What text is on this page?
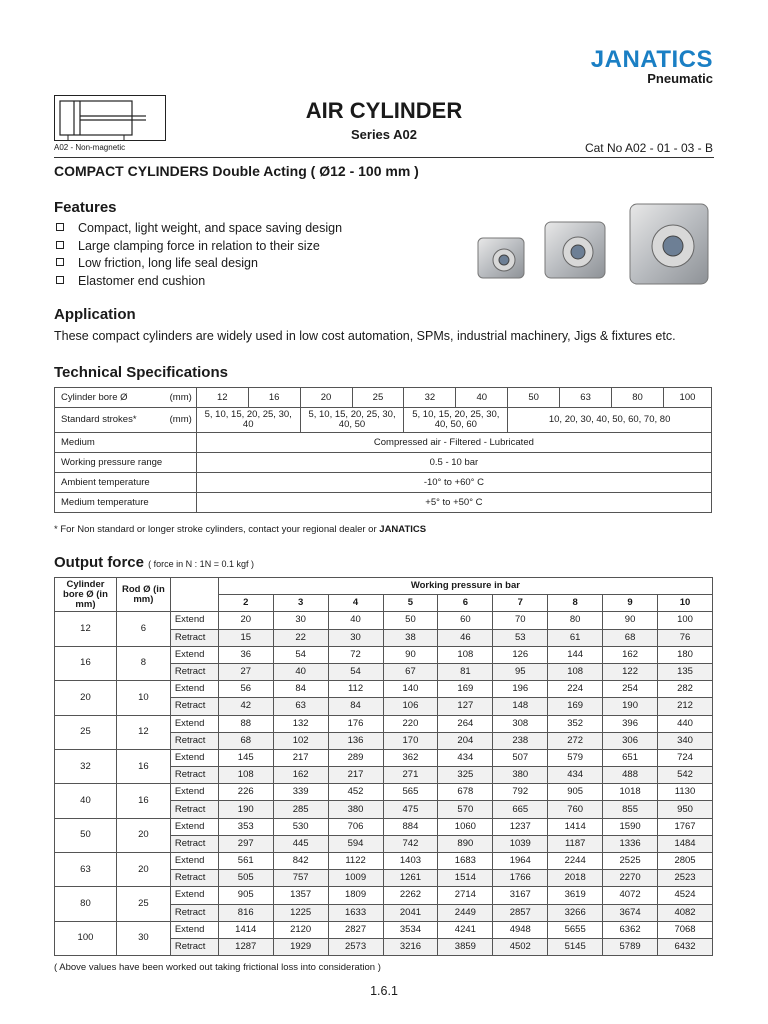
JANATICS
Pneumatic
A02 - Non-magnetic
AIR CYLINDER
Series A02
Cat No A02 - 01 - 03 - B
COMPACT CYLINDERS Double Acting ( Ø12 - 100 mm )
Features
Compact, light weight, and space saving design
Large clamping force in relation to their size
Low friction, long life seal design
Elastomer end cushion
Application
These compact cylinders are widely used in low cost automation, SPMs, industrial machinery, Jigs & fixtures etc.
Technical Specifications
Cylinder bore Ø (mm)	12	16	20	25	32	40	50	63	80	100
Standard strokes* (mm)	5, 10, 15, 20, 25, 30, 40		5, 10, 15, 20, 25, 30, 40, 50		5, 10, 15, 20, 25, 30, 40, 50, 60		10, 20, 30, 40, 50, 60, 70, 80			
Medium	Compressed air - Filtered - Lubricated									
Working pressure range	0.5 - 10 bar									
Ambient temperature	-10° to +60° C									
Medium temperature	+5° to +50° C									
* For Non standard or longer stroke cylinders, contact your regional dealer or JANATICS
Output force ( force in N : 1N = 0.1 kgf )
Cylinder bore Ø (in mm)	Rod Ø (in mm)		Working pressure in bar								
			2	3	4	5	6	7	8	9	10
12	6	Extend	20	30	40	50	60	70	80	90	100
		Retract	15	22	30	38	46	53	61	68	76
16	8	Extend	36	54	72	90	108	126	144	162	180
		Retract	27	40	54	67	81	95	108	122	135
20	10	Extend	56	84	112	140	169	196	224	254	282
		Retract	42	63	84	106	127	148	169	190	212
25	12	Extend	88	132	176	220	264	308	352	396	440
		Retract	68	102	136	170	204	238	272	306	340
32	16	Extend	145	217	289	362	434	507	579	651	724
		Retract	108	162	217	271	325	380	434	488	542
40	16	Extend	226	339	452	565	678	792	905	1018	1130
		Retract	190	285	380	475	570	665	760	855	950
50	20	Extend	353	530	706	884	1060	1237	1414	1590	1767
		Retract	297	445	594	742	890	1039	1187	1336	1484
63	20	Extend	561	842	1122	1403	1683	1964	2244	2525	2805
		Retract	505	757	1009	1261	1514	1766	2018	2270	2523
80	25	Extend	905	1357	1809	2262	2714	3167	3619	4072	4524
		Retract	816	1225	1633	2041	2449	2857	3266	3674	4082
100	30	Extend	1414	2120	2827	3534	4241	4948	5655	6362	7068
		Retract	1287	1929	2573	3216	3859	4502	5145	5789	6432
( Above values have been worked out taking frictional loss into consideration )
1.6.1
